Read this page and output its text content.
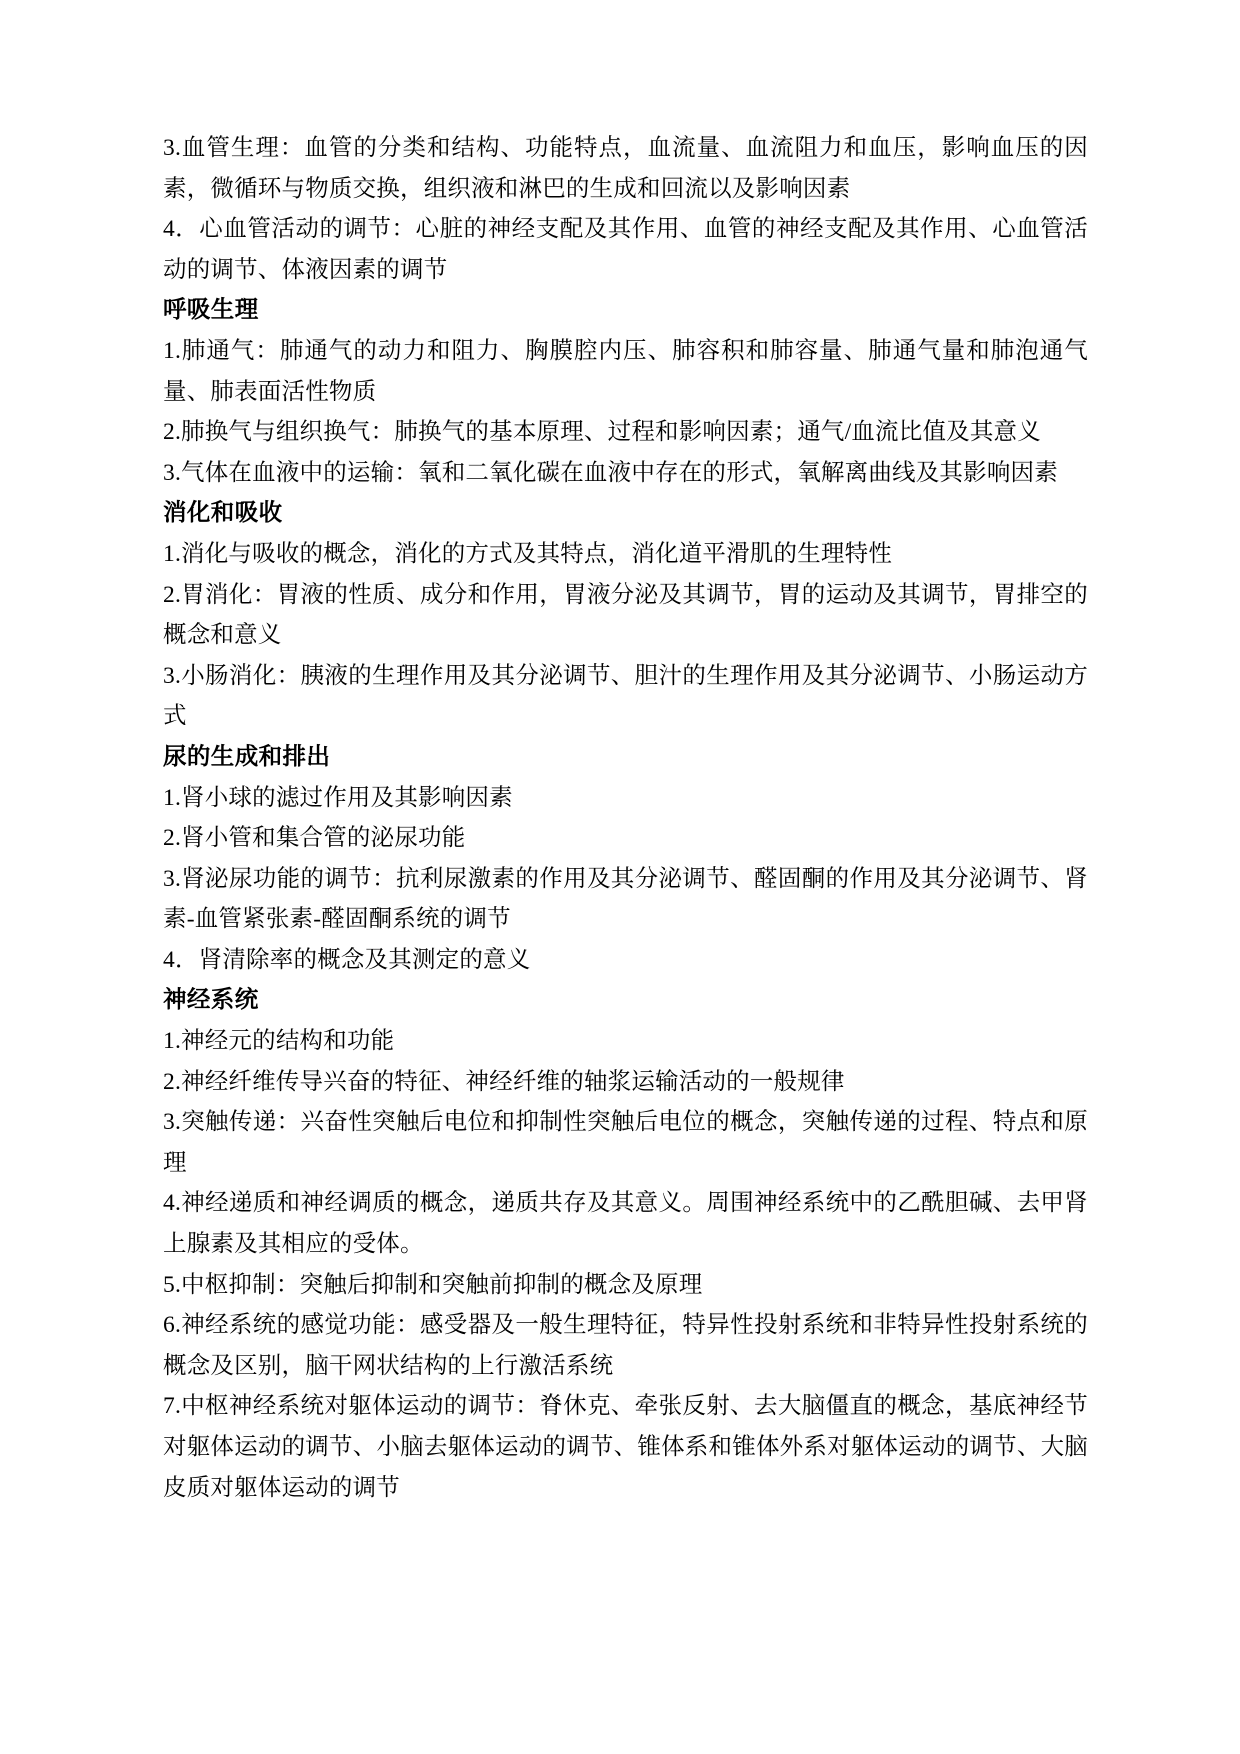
3.血管生理：血管的分类和结构、功能特点，血流量、血流阻力和血压，影响血压的因素，微循环与物质交换，组织液和淋巴的生成和回流以及影响因素

4．心血管活动的调节：心脏的神经支配及其作用、血管的神经支配及其作用、心血管活动的调节、体液因素的调节

呼吸生理

1.肺通气：肺通气的动力和阻力、胸膜腔内压、肺容积和肺容量、肺通气量和肺泡通气量、肺表面活性物质

2.肺换气与组织换气：肺换气的基本原理、过程和影响因素；通气/血流比值及其意义

3.气体在血液中的运输：氧和二氧化碳在血液中存在的形式，氧解离曲线及其影响因素

消化和吸收

1.消化与吸收的概念，消化的方式及其特点，消化道平滑肌的生理特性

2.胃消化：胃液的性质、成分和作用，胃液分泌及其调节，胃的运动及其调节，胃排空的概念和意义

3.小肠消化：胰液的生理作用及其分泌调节、胆汁的生理作用及其分泌调节、小肠运动方式

尿的生成和排出

1.肾小球的滤过作用及其影响因素

2.肾小管和集合管的泌尿功能

3.肾泌尿功能的调节：抗利尿激素的作用及其分泌调节、醛固酮的作用及其分泌调节、肾素-血管紧张素-醛固酮系统的调节

4．肾清除率的概念及其测定的意义

神经系统

1.神经元的结构和功能

2.神经纤维传导兴奋的特征、神经纤维的轴浆运输活动的一般规律

3.突触传递：兴奋性突触后电位和抑制性突触后电位的概念，突触传递的过程、特点和原理

4.神经递质和神经调质的概念，递质共存及其意义。周围神经系统中的乙酰胆碱、去甲肾上腺素及其相应的受体。

5.中枢抑制：突触后抑制和突触前抑制的概念及原理

6.神经系统的感觉功能：感受器及一般生理特征，特异性投射系统和非特异性投射系统的概念及区别，脑干网状结构的上行激活系统

7.中枢神经系统对躯体运动的调节：脊休克、牵张反射、去大脑僵直的概念，基底神经节对躯体运动的调节、小脑去躯体运动的调节、锥体系和锥体外系对躯体运动的调节、大脑皮质对躯体运动的调节
